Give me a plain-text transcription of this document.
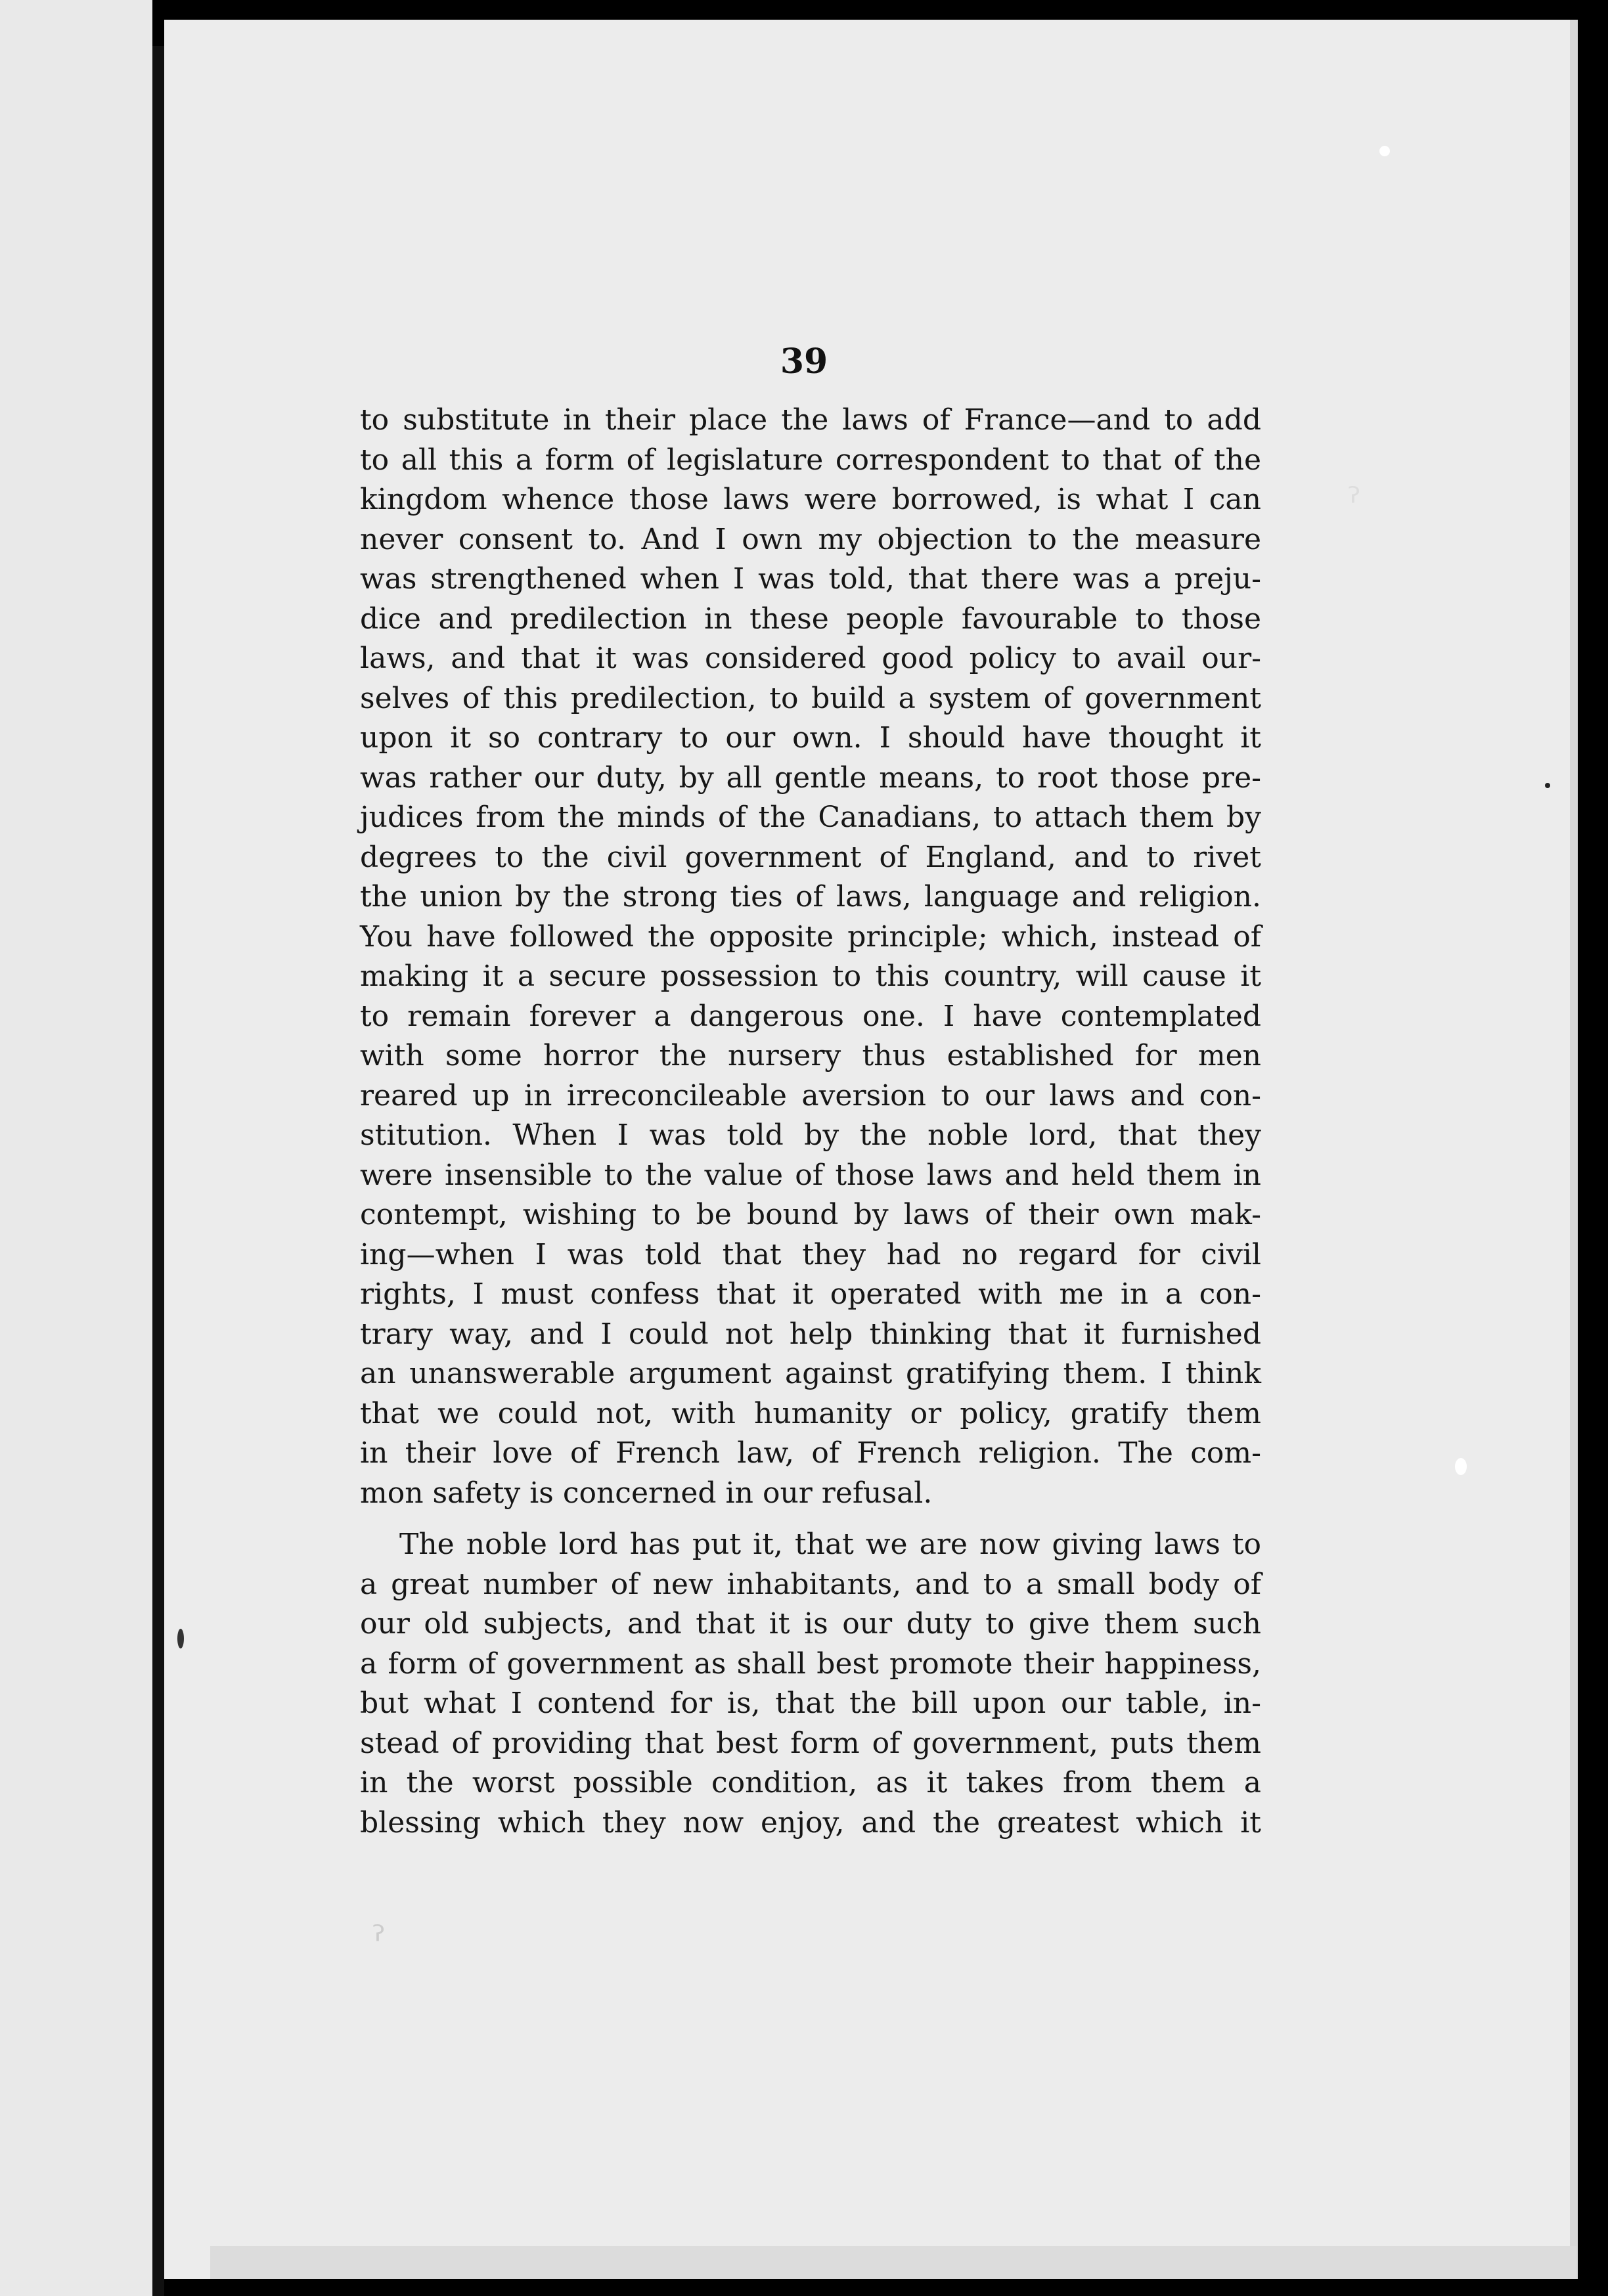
39
to substitute in their place the laws of France—and to add
to all this a form of legislature correspondent to that of the
kingdom whence those laws were borrowed, is what I can
never consent to. And I own my objection to the measure
was strengthened when I was told, that there was a preju-
dice and predilection in these people favourable to those
laws, and that it was considered good policy to avail our-
selves of this predilection, to build a system of government
upon it so contrary to our own. I should have thought it
was rather our duty, by all gentle means, to root those pre-
judices from the minds of the Canadians, to attach them by
degrees to the civil government of England, and to rivet
the union by the strong ties of laws, language and religion.
You have followed the opposite principle; which, instead of
making it a secure possession to this country, will cause it
to remain forever a dangerous one. I have contemplated
with some horror the nursery thus established for men
reared up in irreconcileable aversion to our laws and con-
stitution. When I was told by the noble lord, that they
were insensible to the value of those laws and held them in
contempt, wishing to be bound by laws of their own mak-
ing—when I was told that they had no regard for civil
rights, I must confess that it operated with me in a con-
trary way, and I could not help thinking that it furnished
an unanswerable argument against gratifying them. I think
that we could not, with humanity or policy, gratify them
in their love of French law, of French religion. The com-
mon safety is concerned in our refusal.
The noble lord has put it, that we are now giving laws to
a great number of new inhabitants, and to a small body of
our old subjects, and that it is our duty to give them such
a form of government as shall best promote their happiness,
but what I contend for is, that the bill upon our table, in-
stead of providing that best form of government, puts them
in the worst possible condition, as it takes from them a
blessing which they now enjoy, and the greatest which it
ˀ
ˀ
